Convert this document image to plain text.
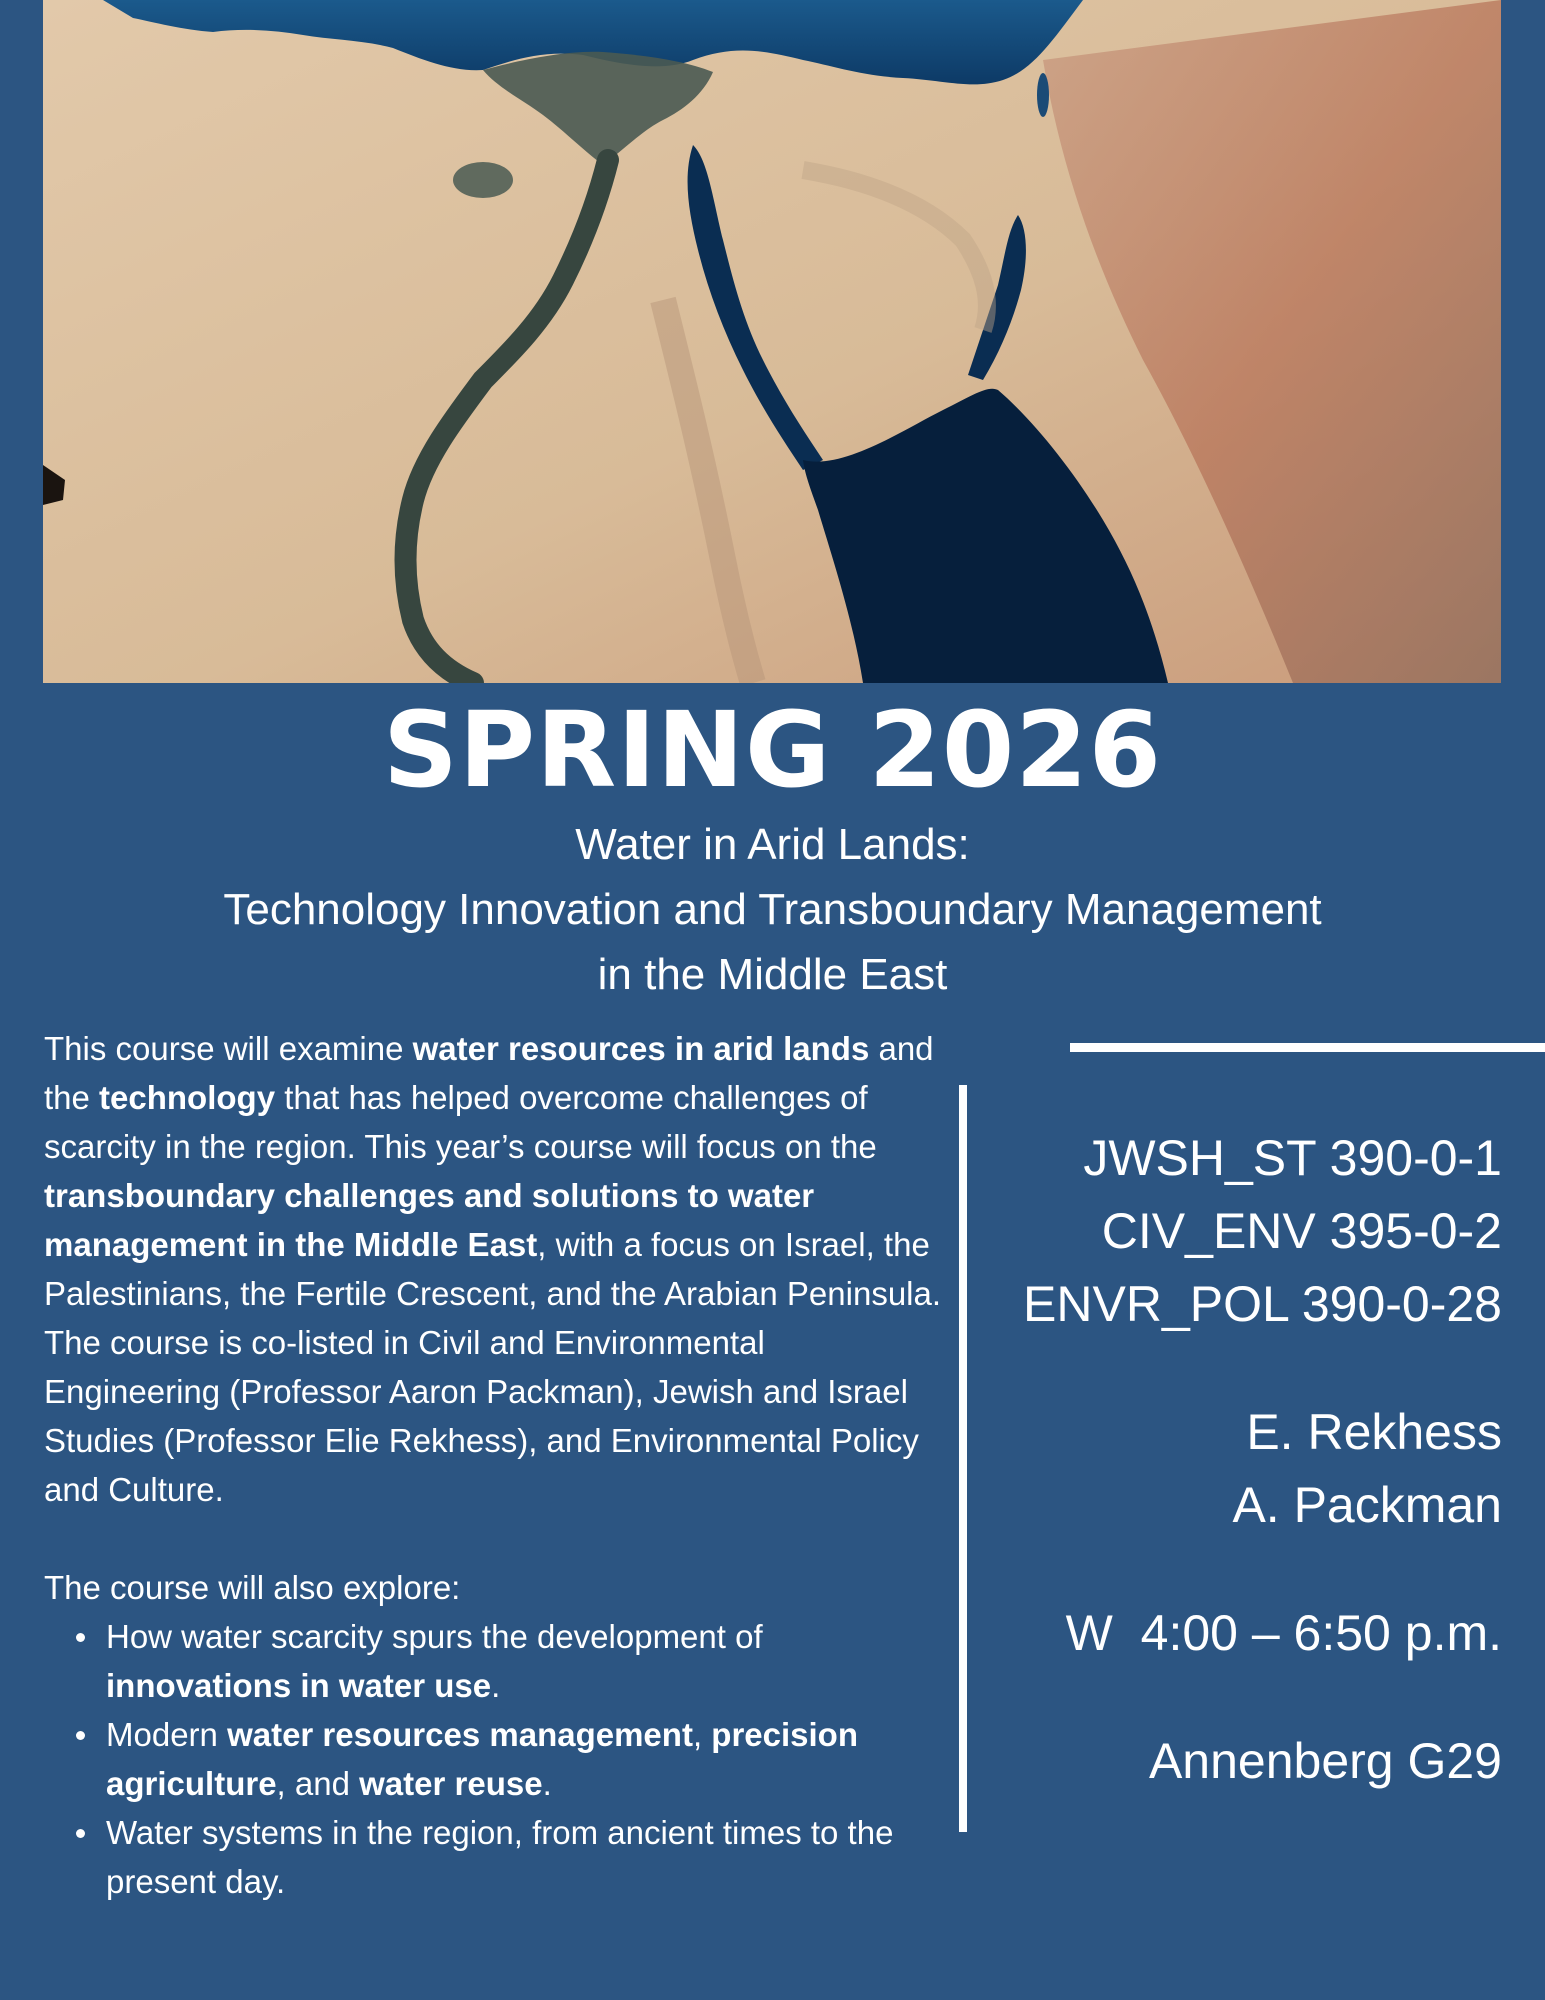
SPRING 2026
Water in Arid Lands:
Technology Innovation and Transboundary Management
in the Middle East

This course will examine water resources in arid lands and the technology that has helped overcome challenges of scarcity in the region. This year’s course will focus on the transboundary challenges and solutions to water management in the Middle East, with a focus on Israel, the Palestinians, the Fertile Crescent, and the Arabian Peninsula. The course is co-listed in Civil and Environmental Engineering (Professor Aaron Packman), Jewish and Israel Studies (Professor Elie Rekhess), and Environmental Policy and Culture.

The course will also explore:

How water scarcity spurs the development of innovations in water use.
Modern water resources management, precision agriculture, and water reuse.
Water systems in the region, from ancient times to the present day.
JWSH_ST 390-0-1
CIV_ENV 395-0-2
ENVR_POL 390-0-28
E. Rekhess
A. Packman
W  4:00 – 6:50 p.m.
Annenberg G29
